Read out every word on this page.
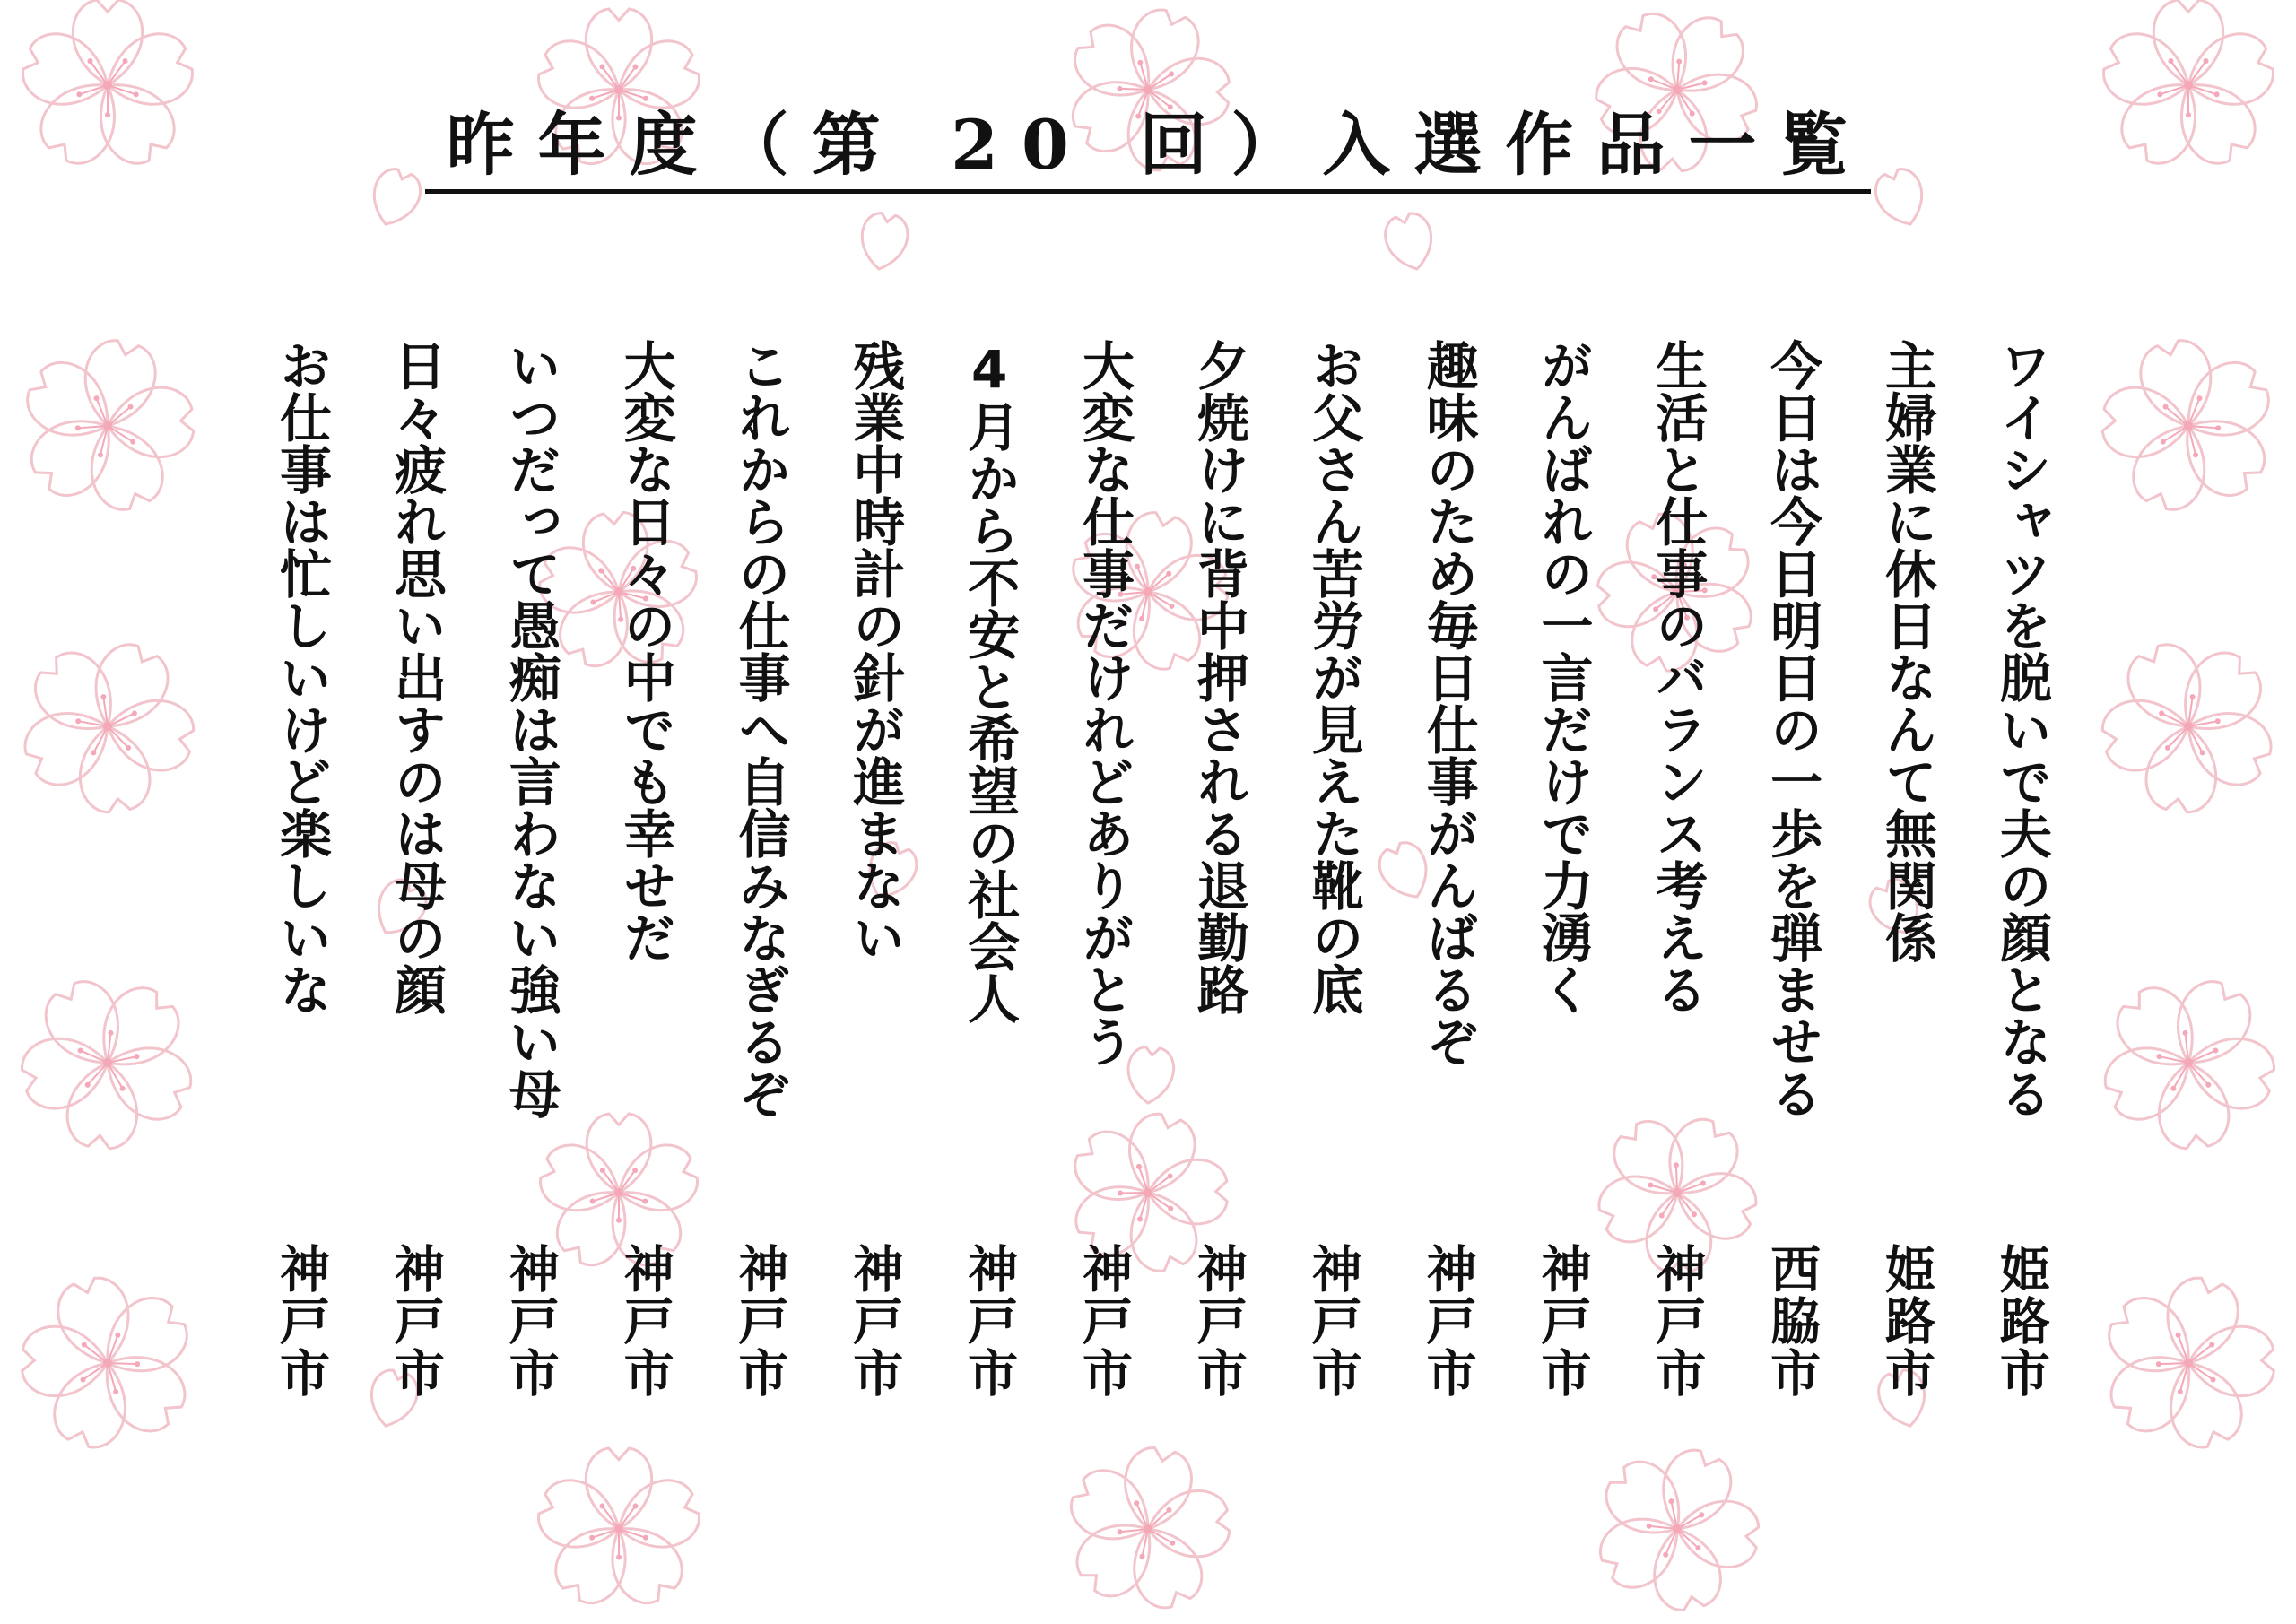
昨年度（第 20 回）入選作品一覧
ワイシャツを脱いで夫の顔となる
姫路市
主婦業に休日なんて無関係
姫路市
今日は今日明日の一歩を弾ませる
西脇市
生活と仕事のバランス考える
神戸市
がんばれの一言だけで力湧く
神戸市
趣味のため毎日仕事がんばるぞ
神戸市
お父さん苦労が見えた靴の底
神戸市
夕焼けに背中押される退勤路
神戸市
大変な仕事だけれどありがとう
神戸市
4月から不安と希望の社会人
神戸市
残業中時計の針が進まない
神戸市
これからの仕事へ自信みなぎるぞ
神戸市
大変な日々の中でも幸せだ
神戸市
いつだって愚痴は言わない強い母
神戸市
日々疲れ思い出すのは母の顔
神戸市
お仕事は忙しいけど楽しいな
神戸市
